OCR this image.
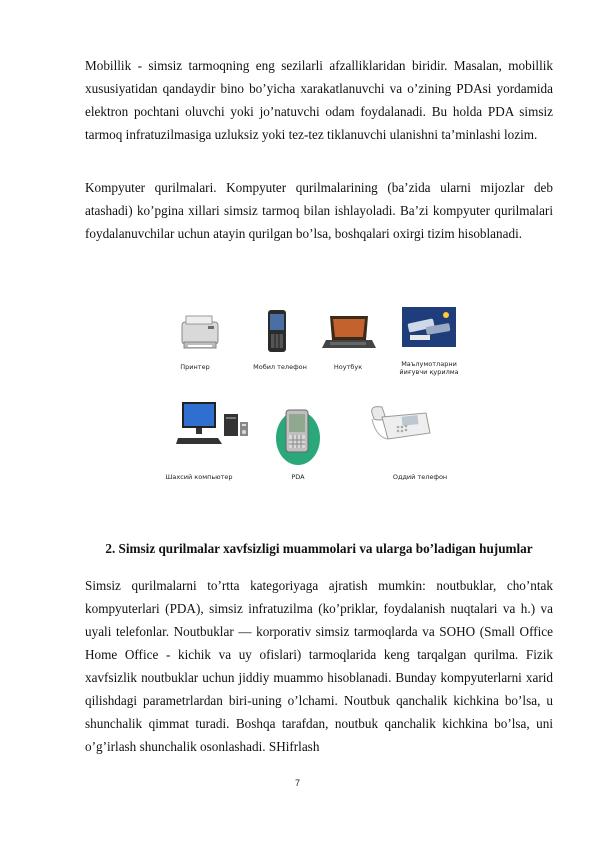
Mobillik - simsiz tarmoqning eng sezilarli afzalliklaridan biridir. Masalan, mobillik xususiyatidan qandaydir bino bo’yicha xarakatlanuvchi va o’zining PDAsi yordamida elektron pochtani oluvchi yoki jo’natuvchi odam foydalanadi. Bu holda PDA simsiz tarmoq infratuzilmasiga uzluksiz yoki tez-tez tiklanuvchi ulanishni ta’minlashi lozim.
Kompyuter qurilmalari. Kompyuter qurilmalarining (ba’zida ularni mijozlar deb atashadi) ko’pgina xillari simsiz tarmoq bilan ishlayoladi. Ba’zi kompyuter qurilmalari foydalanuvchilar uchun atayin qurilgan bo’lsa, boshqalari oxirgi tizim hisoblanadi.
Принтер	Мобил телефон	Ноутбук	Маълумотларни йиғувчи қурилма
Шахсий компьютер	PDA	Оддий телефон
2. Simsiz qurilmalar xavfsizligi muammolari va ularga bo’ladigan hujumlar
Simsiz qurilmalarni to’rtta kategoriyaga ajratish mumkin: noutbuklar, cho’ntak kompyuterlari (PDA), simsiz infratuzilma (ko’priklar, foydalanish nuqtalari va h.) va uyali telefonlar. Noutbuklar — korporativ simsiz tarmoqlarda va SOHO (Small Office Home Office - kichik va uy ofislari) tarmoqlarida keng tarqalgan qurilma. Fizik xavfsizlik noutbuklar uchun jiddiy muammo hisoblanadi. Bunday kompyuterlarni xarid qilishdagi parametrlardan biri-uning o’lchami. Noutbuk qanchalik kichkina bo’lsa, u shunchalik qimmat turadi. Boshqa tarafdan, noutbuk qanchalik kichkina bo’lsa, uni o’g’irlash shunchalik osonlashadi. SHifrlash
7
